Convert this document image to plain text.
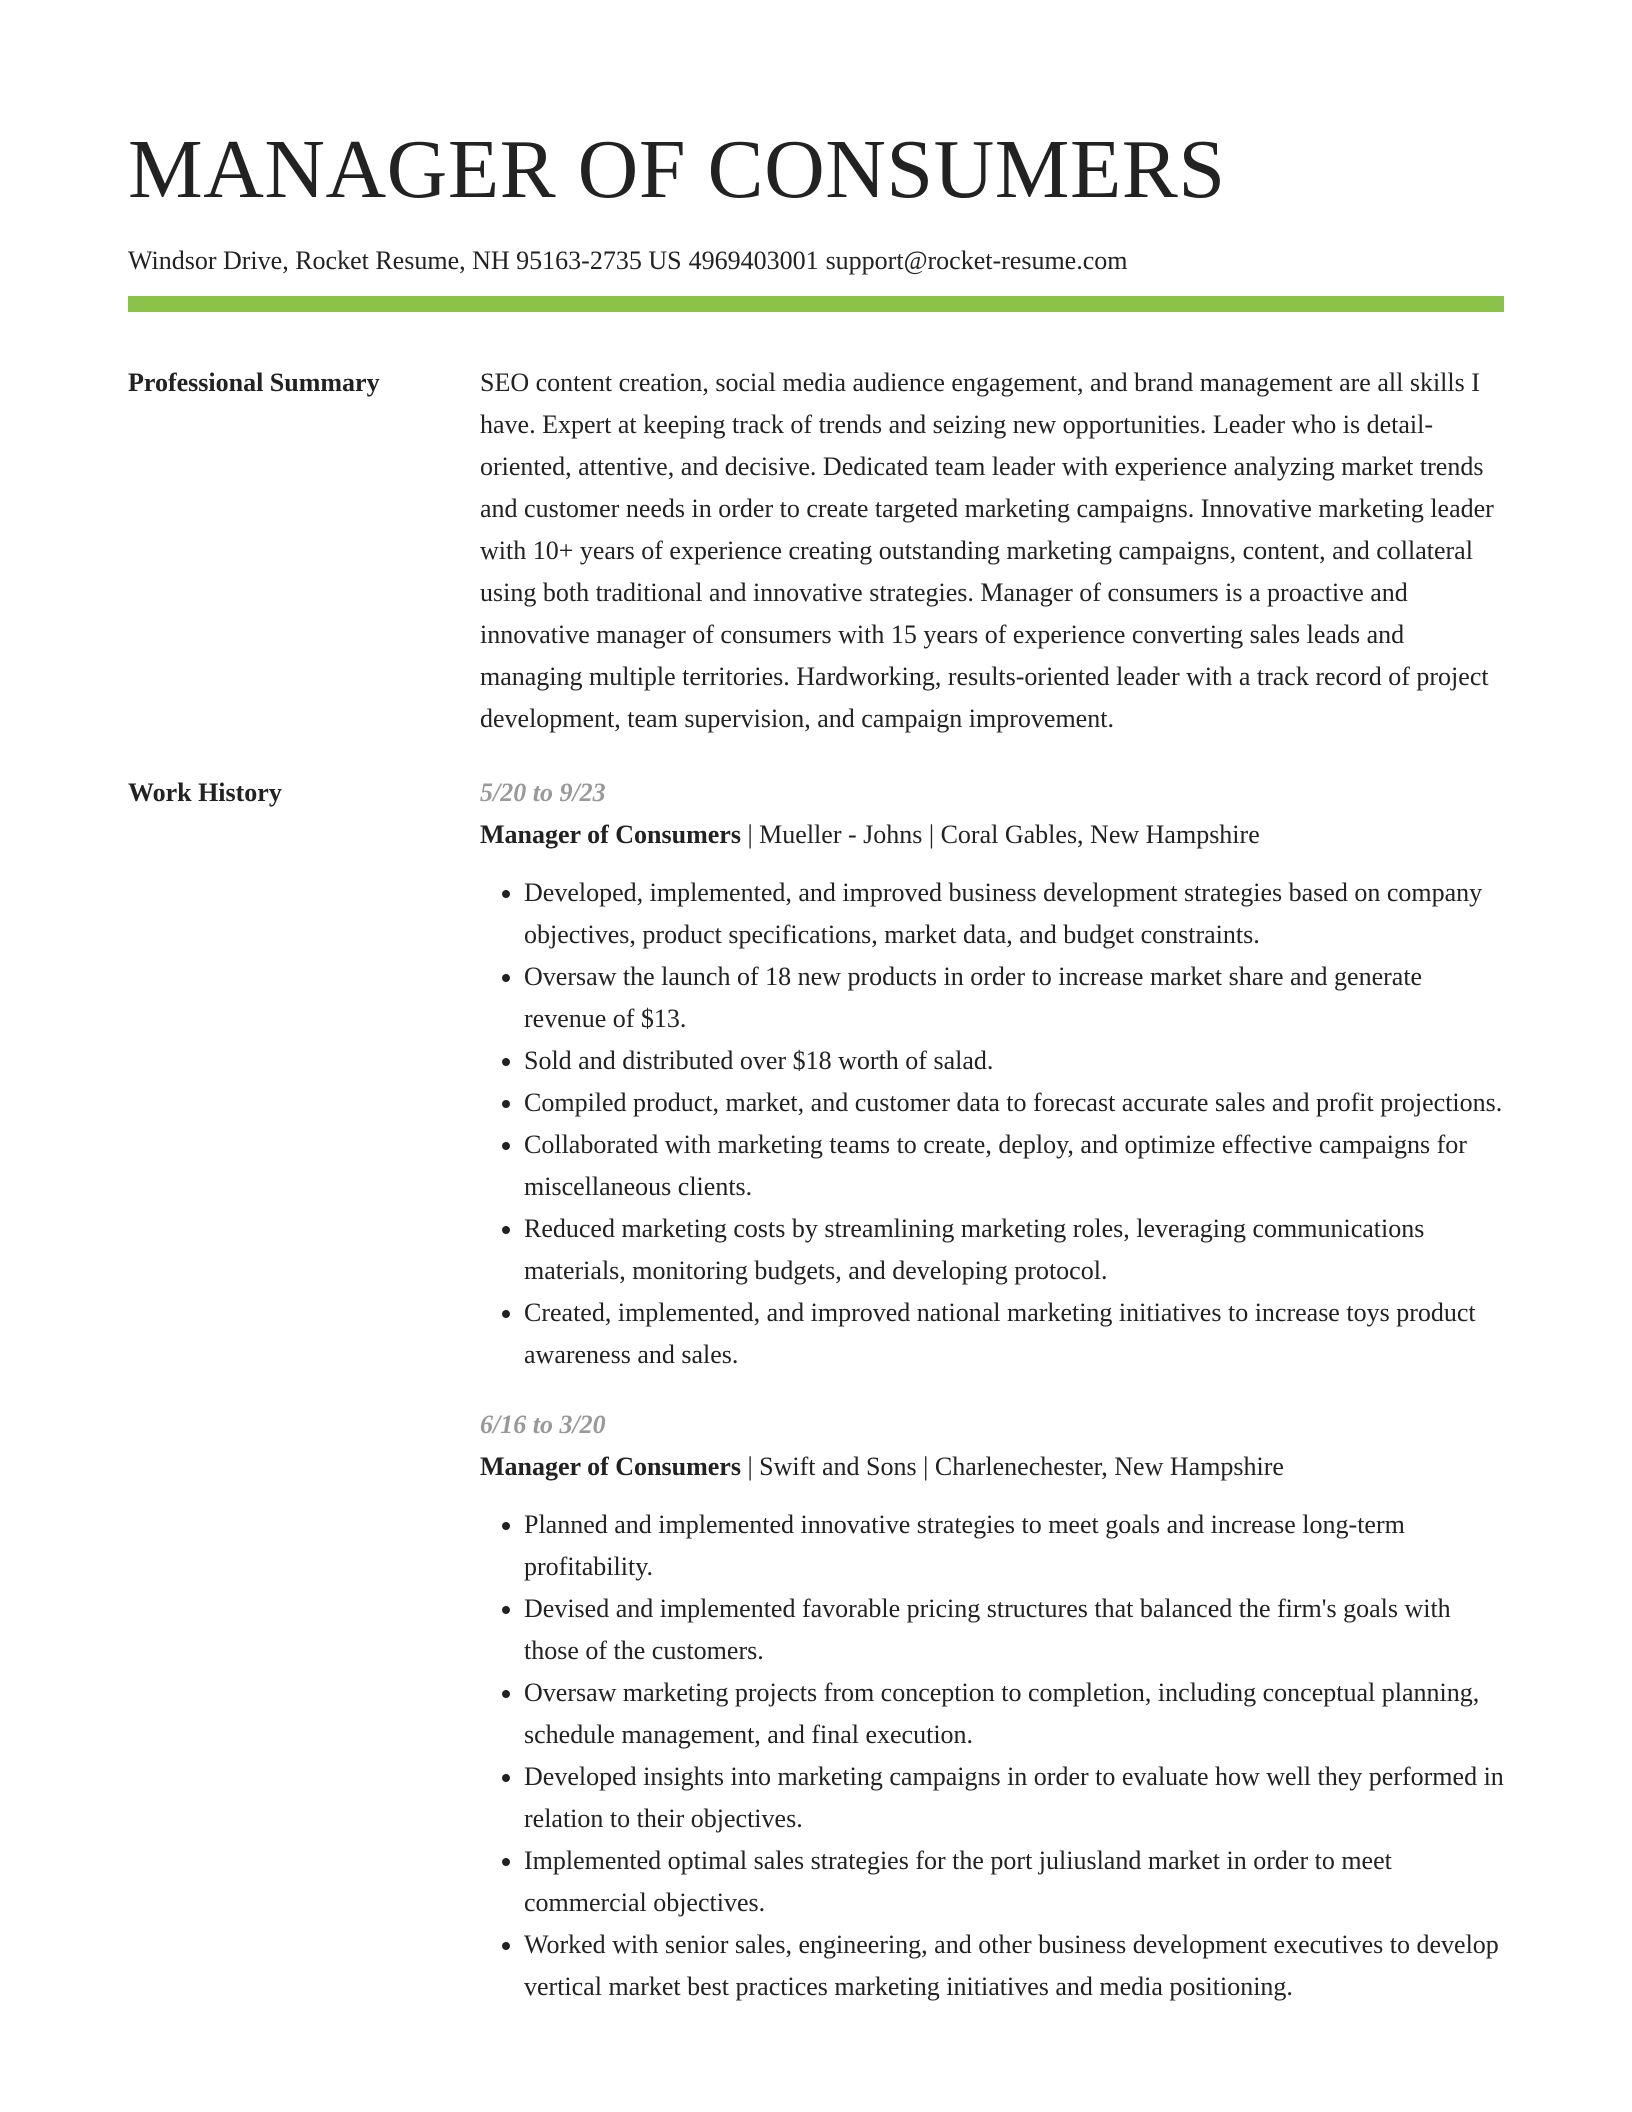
MANAGER OF CONSUMERS
Windsor Drive, Rocket Resume, NH 95163-2735 US 4969403001 support@rocket-resume.com
Professional Summary	SEO content creation, social media audience engagement, and brand management are all skills I have. Expert at keeping track of trends and seizing new opportunities. Leader who is detail-oriented, attentive, and decisive. Dedicated team leader with experience analyzing market trends and customer needs in order to create targeted marketing campaigns. Innovative marketing leader with 10+ years of experience creating outstanding marketing campaigns, content, and collateral using both traditional and innovative strategies. Manager of consumers is a proactive and innovative manager of consumers with 15 years of experience converting sales leads and managing multiple territories. Hardworking, results-oriented leader with a track record of project development, team supervision, and campaign improvement.
Work History	5/20 to 9/23
Manager of Consumers | Mueller - Johns | Coral Gables, New Hampshire
• Developed, implemented, and improved business development strategies based on company objectives, product specifications, market data, and budget constraints.
• Oversaw the launch of 18 new products in order to increase market share and generate revenue of $13.
• Sold and distributed over $18 worth of salad.
• Compiled product, market, and customer data to forecast accurate sales and profit projections.
• Collaborated with marketing teams to create, deploy, and optimize effective campaigns for miscellaneous clients.
• Reduced marketing costs by streamlining marketing roles, leveraging communications materials, monitoring budgets, and developing protocol.
• Created, implemented, and improved national marketing initiatives to increase toys product awareness and sales.
6/16 to 3/20
Manager of Consumers | Swift and Sons | Charlenechester, New Hampshire
• Planned and implemented innovative strategies to meet goals and increase long-term profitability.
• Devised and implemented favorable pricing structures that balanced the firm's goals with those of the customers.
• Oversaw marketing projects from conception to completion, including conceptual planning, schedule management, and final execution.
• Developed insights into marketing campaigns in order to evaluate how well they performed in relation to their objectives.
• Implemented optimal sales strategies for the port juliusland market in order to meet commercial objectives.
• Worked with senior sales, engineering, and other business development executives to develop vertical market best practices marketing initiatives and media positioning.
